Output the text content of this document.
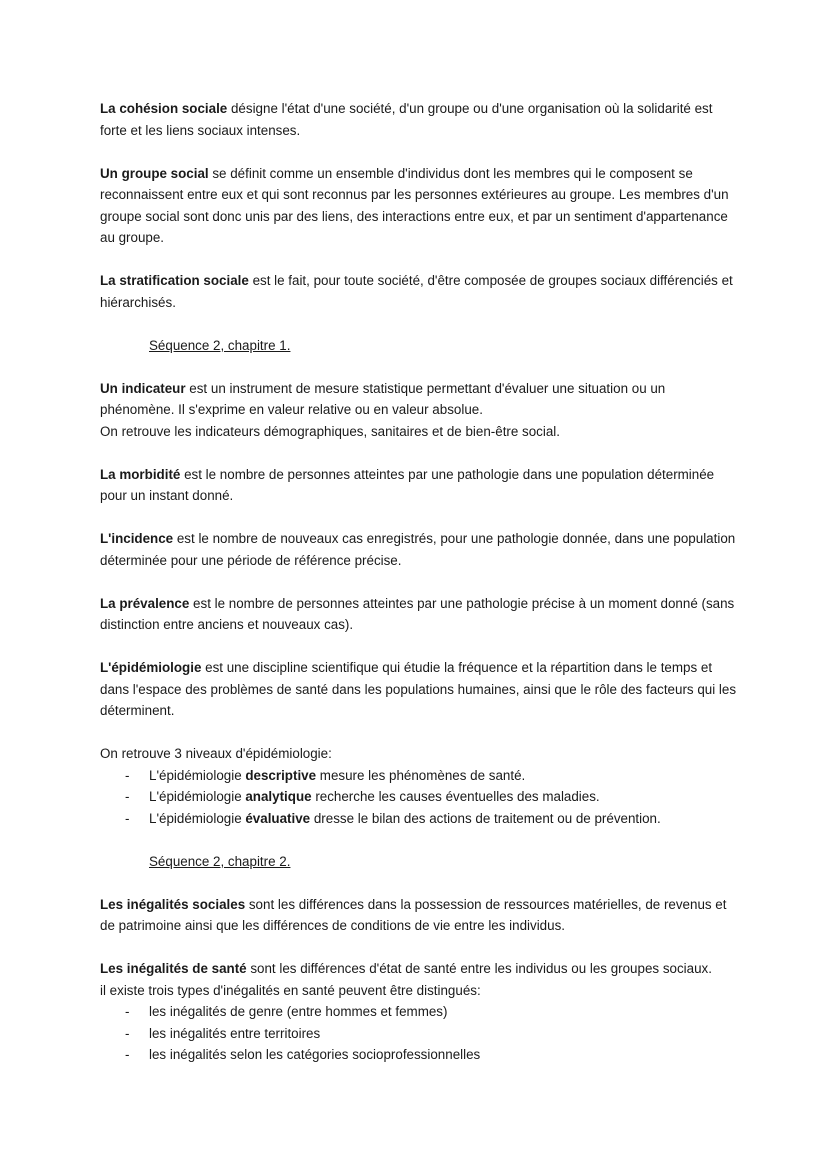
La cohésion sociale désigne l'état d'une société, d'un groupe ou d'une organisation où la solidarité est forte et les liens sociaux intenses.

Un groupe social se définit comme un ensemble d'individus dont les membres qui le composent se reconnaissent entre eux et qui sont reconnus par les personnes extérieures au groupe. Les membres d'un groupe social sont donc unis par des liens, des interactions entre eux, et par un sentiment d'appartenance au groupe.

La stratification sociale est le fait, pour toute société, d'être composée de groupes sociaux différenciés et hiérarchisés.

Séquence 2, chapitre 1.

Un indicateur est un instrument de mesure statistique permettant d'évaluer une situation ou un phénomène. Il s'exprime en valeur relative ou en valeur absolue.

On retrouve les indicateurs démographiques, sanitaires et de bien-être social.

La morbidité est le nombre de personnes atteintes par une pathologie dans une population déterminée pour un instant donné.

L'incidence est le nombre de nouveaux cas enregistrés, pour une pathologie donnée, dans une population déterminée pour une période de référence précise.

La prévalence est le nombre de personnes atteintes par une pathologie précise à un moment donné (sans distinction entre anciens et nouveaux cas).

L'épidémiologie est une discipline scientifique qui étudie la fréquence et la répartition dans le temps et dans l'espace des problèmes de santé dans les populations humaines, ainsi que le rôle des facteurs qui les déterminent.

On retrouve 3 niveaux d'épidémiologie:

- L'épidémiologie descriptive mesure les phénomènes de santé.
- L'épidémiologie analytique recherche les causes éventuelles des maladies.
- L'épidémiologie évaluative dresse le bilan des actions de traitement ou de prévention.

Séquence 2, chapitre 2.

Les inégalités sociales sont les différences dans la possession de ressources matérielles, de revenus et de patrimoine ainsi que les différences de conditions de vie entre les individus.

Les inégalités de santé sont les différences d'état de santé entre les individus ou les groupes sociaux.

il existe trois types d'inégalités en santé peuvent être distingués:

- les inégalités de genre (entre hommes et femmes)
- les inégalités entre territoires
- les inégalités selon les catégories socioprofessionnelles
